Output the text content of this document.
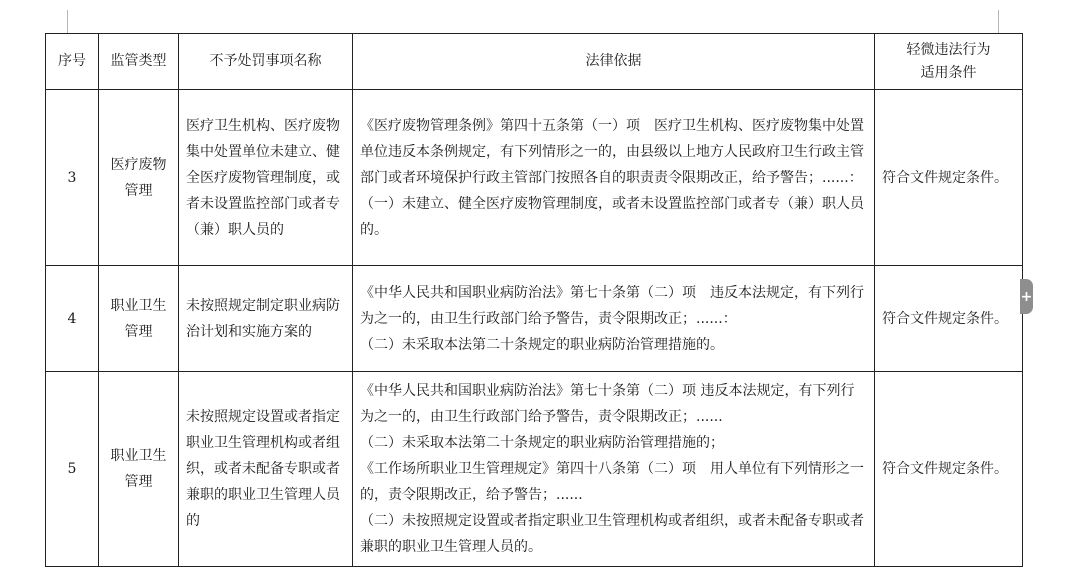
序号	监管类型	不予处罚事项名称	法律依据	轻微违法行为
适用条件

3	医疗废物管理	医疗卫生机构、医疗废物集中处置单位未建立、健全医疗废物管理制度，或者未设置监控部门或者专（兼）职人员的	《医疗废物管理条例》第四十五条第（一）项　医疗卫生机构、医疗废物集中处置单位违反本条例规定，有下列情形之一的，由县级以上地方人民政府卫生行政主管部门或者环境保护行政主管部门按照各自的职责责令限期改正，给予警告；......：
（一）未建立、健全医疗废物管理制度，或者未设置监控部门或者专（兼）职人员的。	符合文件规定条件。
4	职业卫生管理	未按照规定制定职业病防治计划和实施方案的	《中华人民共和国职业病防治法》第七十条第（二）项　违反本法规定，有下列行为之一的，由卫生行政部门给予警告，责令限期改正；......：
（二）未采取本法第二十条规定的职业病防治管理措施的。	符合文件规定条件。
5	职业卫生管理	未按照规定设置或者指定职业卫生管理机构或者组织，或者未配备专职或者兼职的职业卫生管理人员的	《中华人民共和国职业病防治法》第七十条第（二）项 违反本法规定，有下列行为之一的，由卫生行政部门给予警告，责令限期改正；......
（二）未采取本法第二十条规定的职业病防治管理措施的；
《工作场所职业卫生管理规定》第四十八条第（二）项　用人单位有下列情形之一的，责令限期改正，给予警告；......
（二）未按照规定设置或者指定职业卫生管理机构或者组织，或者未配备专职或者兼职的职业卫生管理人员的。	符合文件规定条件。
+
